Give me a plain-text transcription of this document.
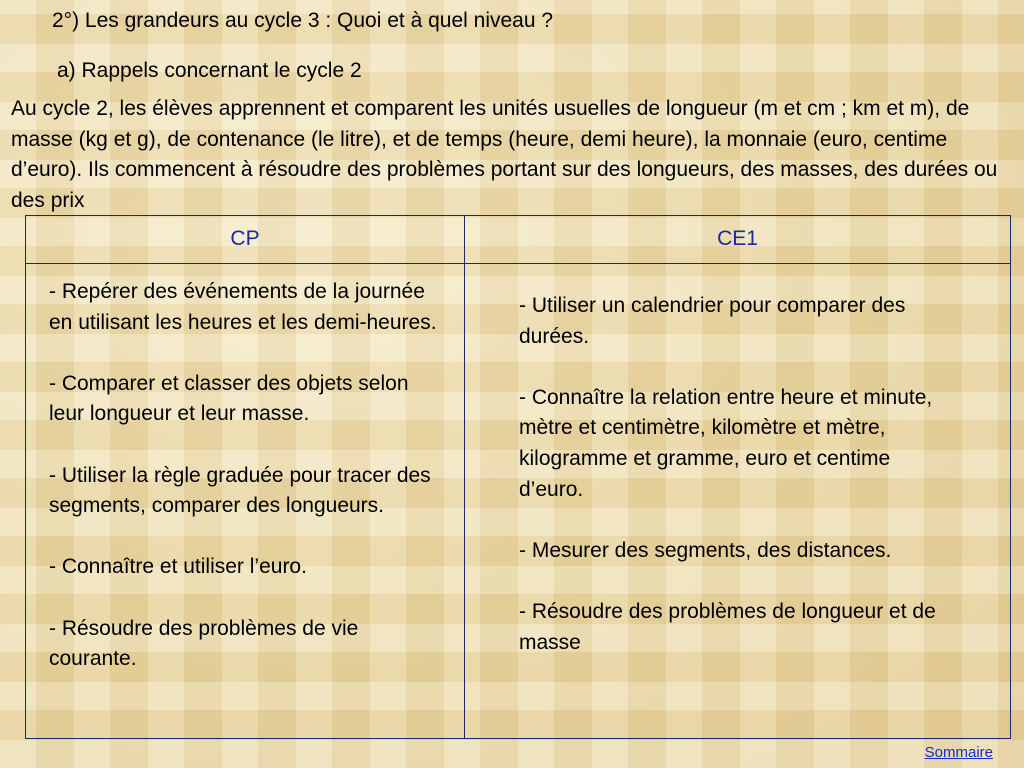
2°) Les grandeurs au cycle 3 : Quoi et à quel niveau ?
a) Rappels concernant le cycle 2
Au cycle 2, les élèves apprennent et comparent les unités usuelles de longueur (m et cm ; km et m), de masse (kg et g), de contenance (le litre), et de temps (heure, demi heure), la monnaie (euro, centime d’euro). Ils commencent à résoudre des problèmes portant sur des longueurs, des masses, des durées ou des prix
CP	CE1

- Repérer des événements de la journée en utilisant les heures et les demi-heures.

- Comparer et classer des objets selon leur longueur et leur masse.

- Utiliser la règle graduée pour tracer des segments, comparer des longueurs.

- Connaître et utiliser l’euro.

- Résoudre des problèmes de vie courante.

- Utiliser un calendrier pour comparer des durées.

- Connaître la relation entre heure et minute, mètre et centimètre, kilomètre et mètre, kilogramme et gramme, euro et centime d’euro.

- Mesurer des segments, des distances.

- Résoudre des problèmes de longueur et de masse

Sommaire
